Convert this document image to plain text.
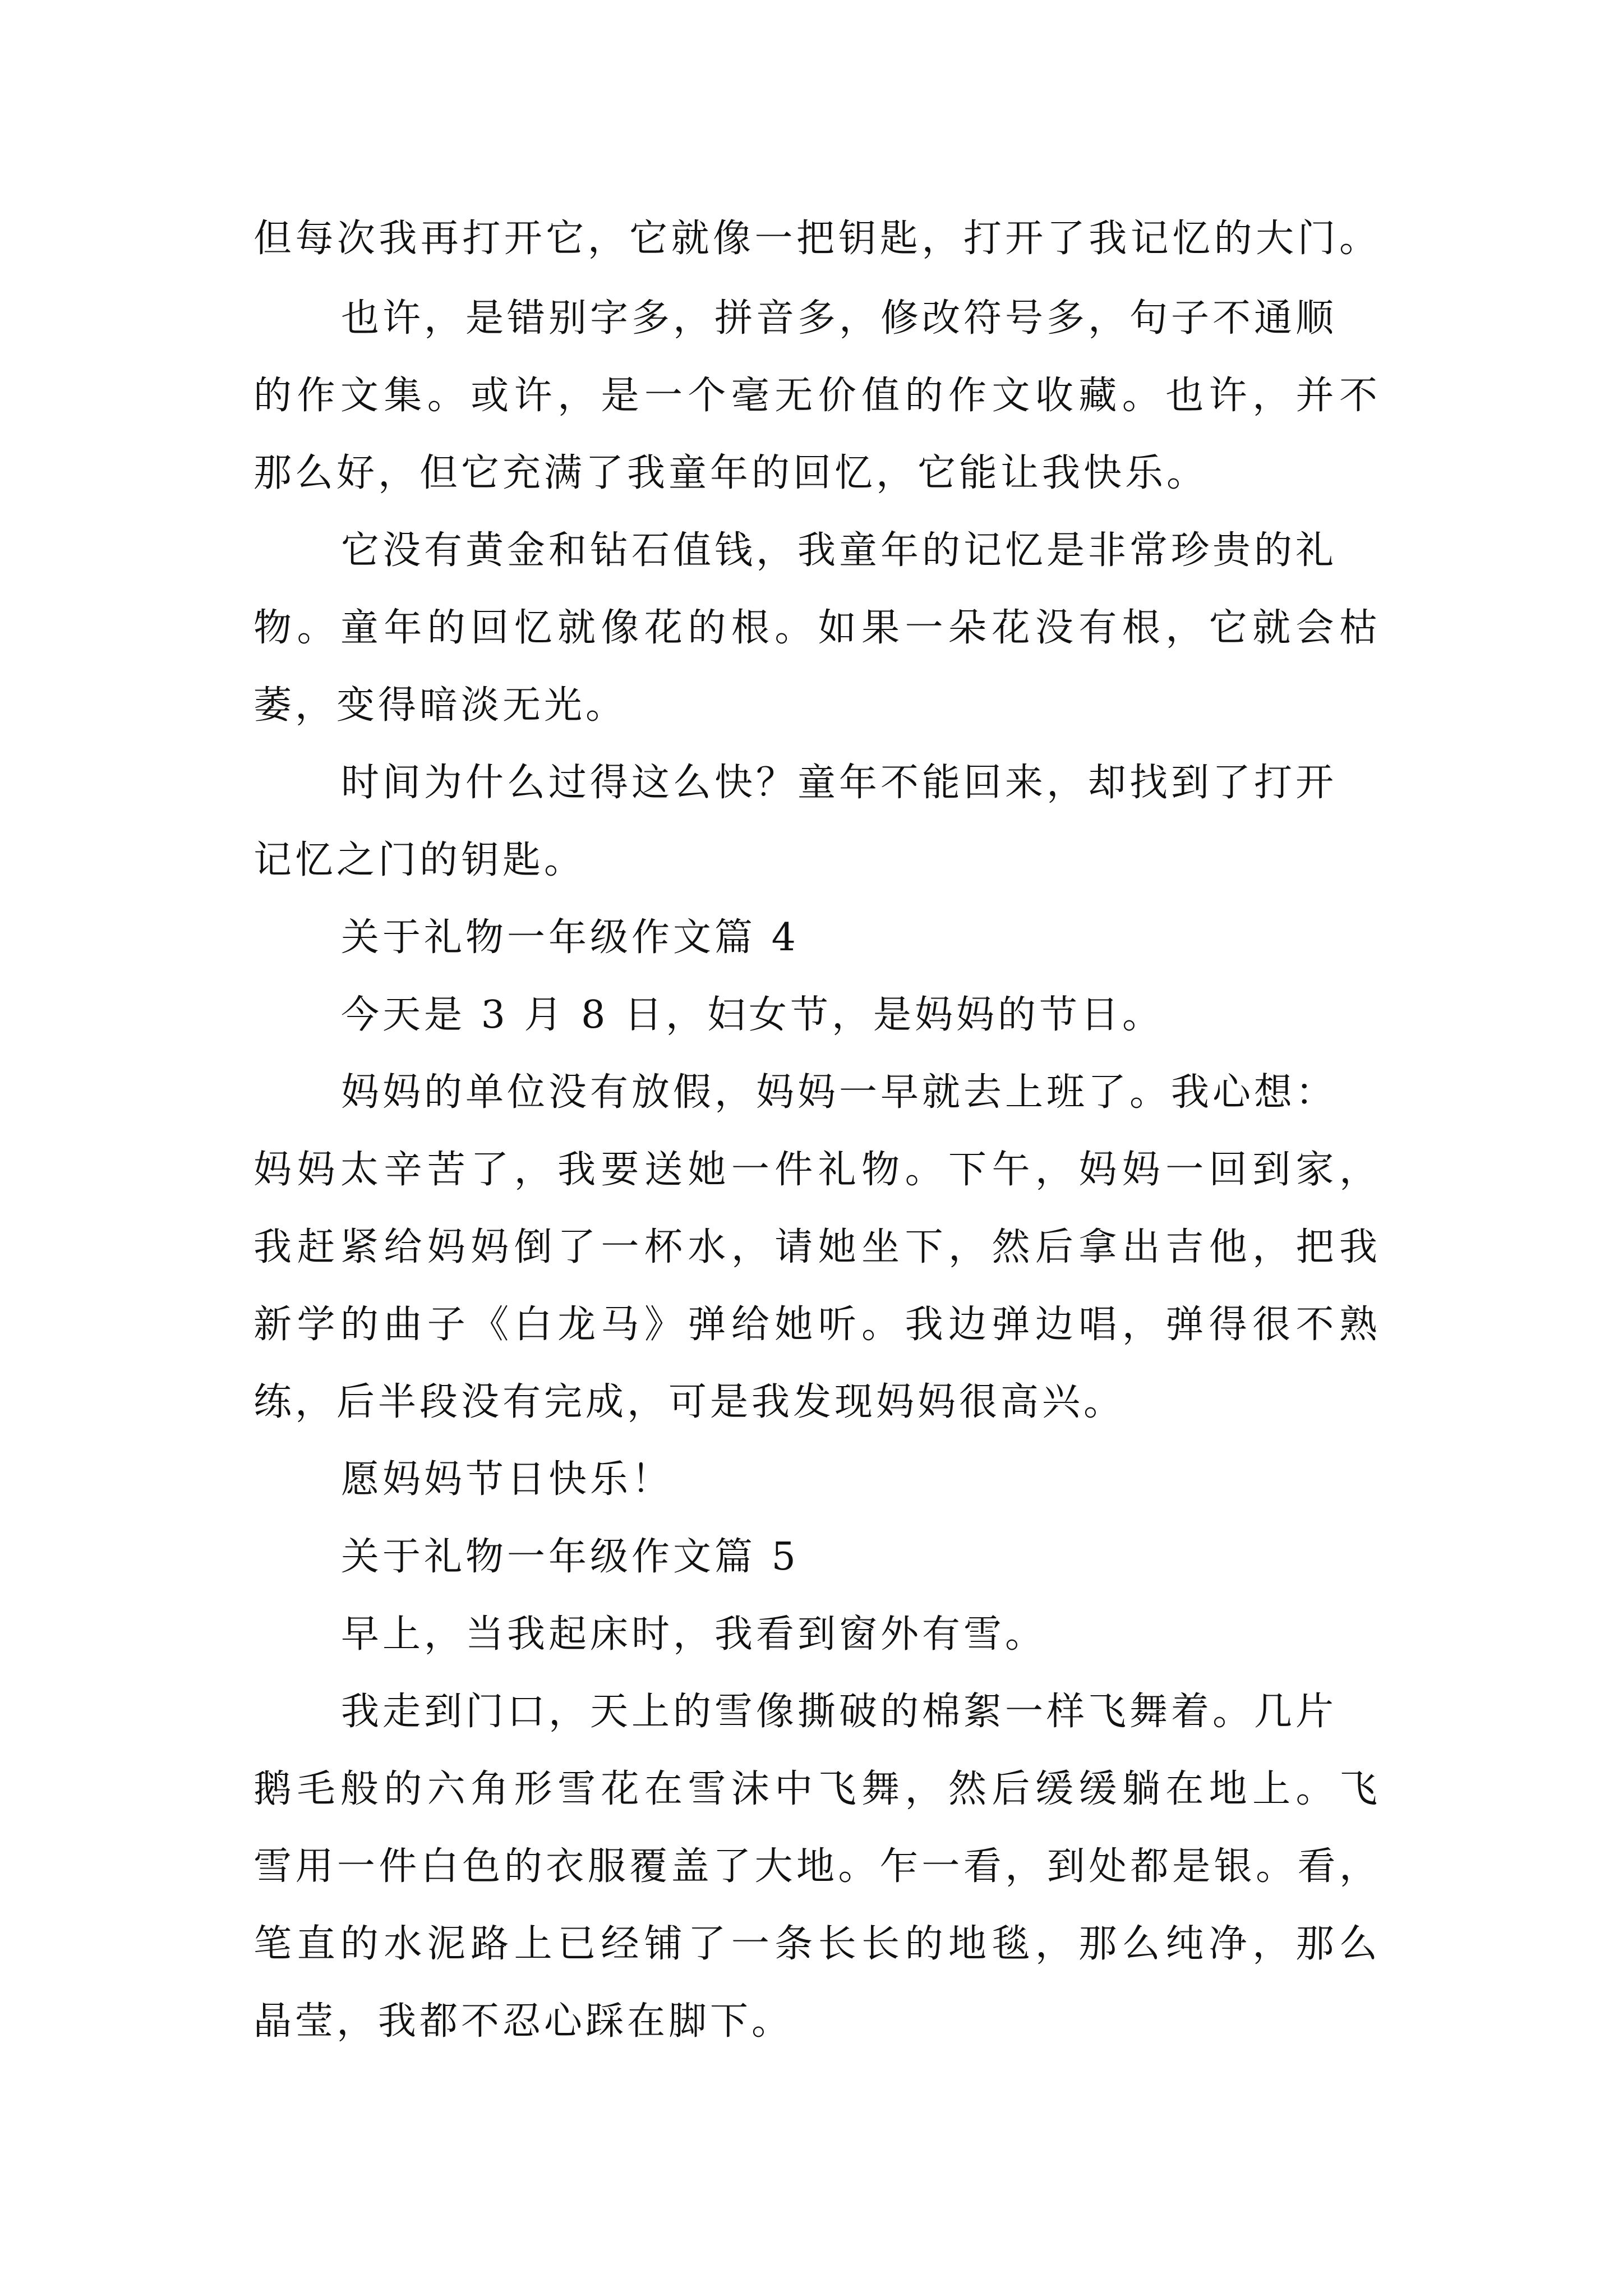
但每次我再打开它，它就像一把钥匙，打开了我记忆的大门。
也许，是错别字多，拼音多，修改符号多，句子不通顺
的作文集。或许，是一个毫无价值的作文收藏。也许，并不
那么好，但它充满了我童年的回忆，它能让我快乐。
它没有黄金和钻石值钱，我童年的记忆是非常珍贵的礼
物。童年的回忆就像花的根。如果一朵花没有根，它就会枯
萎，变得暗淡无光。
时间为什么过得这么快？童年不能回来，却找到了打开
记忆之门的钥匙。
关于礼物一年级作文篇 4
今天是 3 月 8 日，妇女节，是妈妈的节日。
妈妈的单位没有放假，妈妈一早就去上班了。我心想：
妈妈太辛苦了，我要送她一件礼物。下午，妈妈一回到家，
我赶紧给妈妈倒了一杯水，请她坐下，然后拿出吉他，把我
新学的曲子《白龙马》弹给她听。我边弹边唱，弹得很不熟
练，后半段没有完成，可是我发现妈妈很高兴。
愿妈妈节日快乐！
关于礼物一年级作文篇 5
早上，当我起床时，我看到窗外有雪。
我走到门口，天上的雪像撕破的棉絮一样飞舞着。几片
鹅毛般的六角形雪花在雪沫中飞舞，然后缓缓躺在地上。飞
雪用一件白色的衣服覆盖了大地。乍一看，到处都是银。看，
笔直的水泥路上已经铺了一条长长的地毯，那么纯净，那么
晶莹，我都不忍心踩在脚下。
